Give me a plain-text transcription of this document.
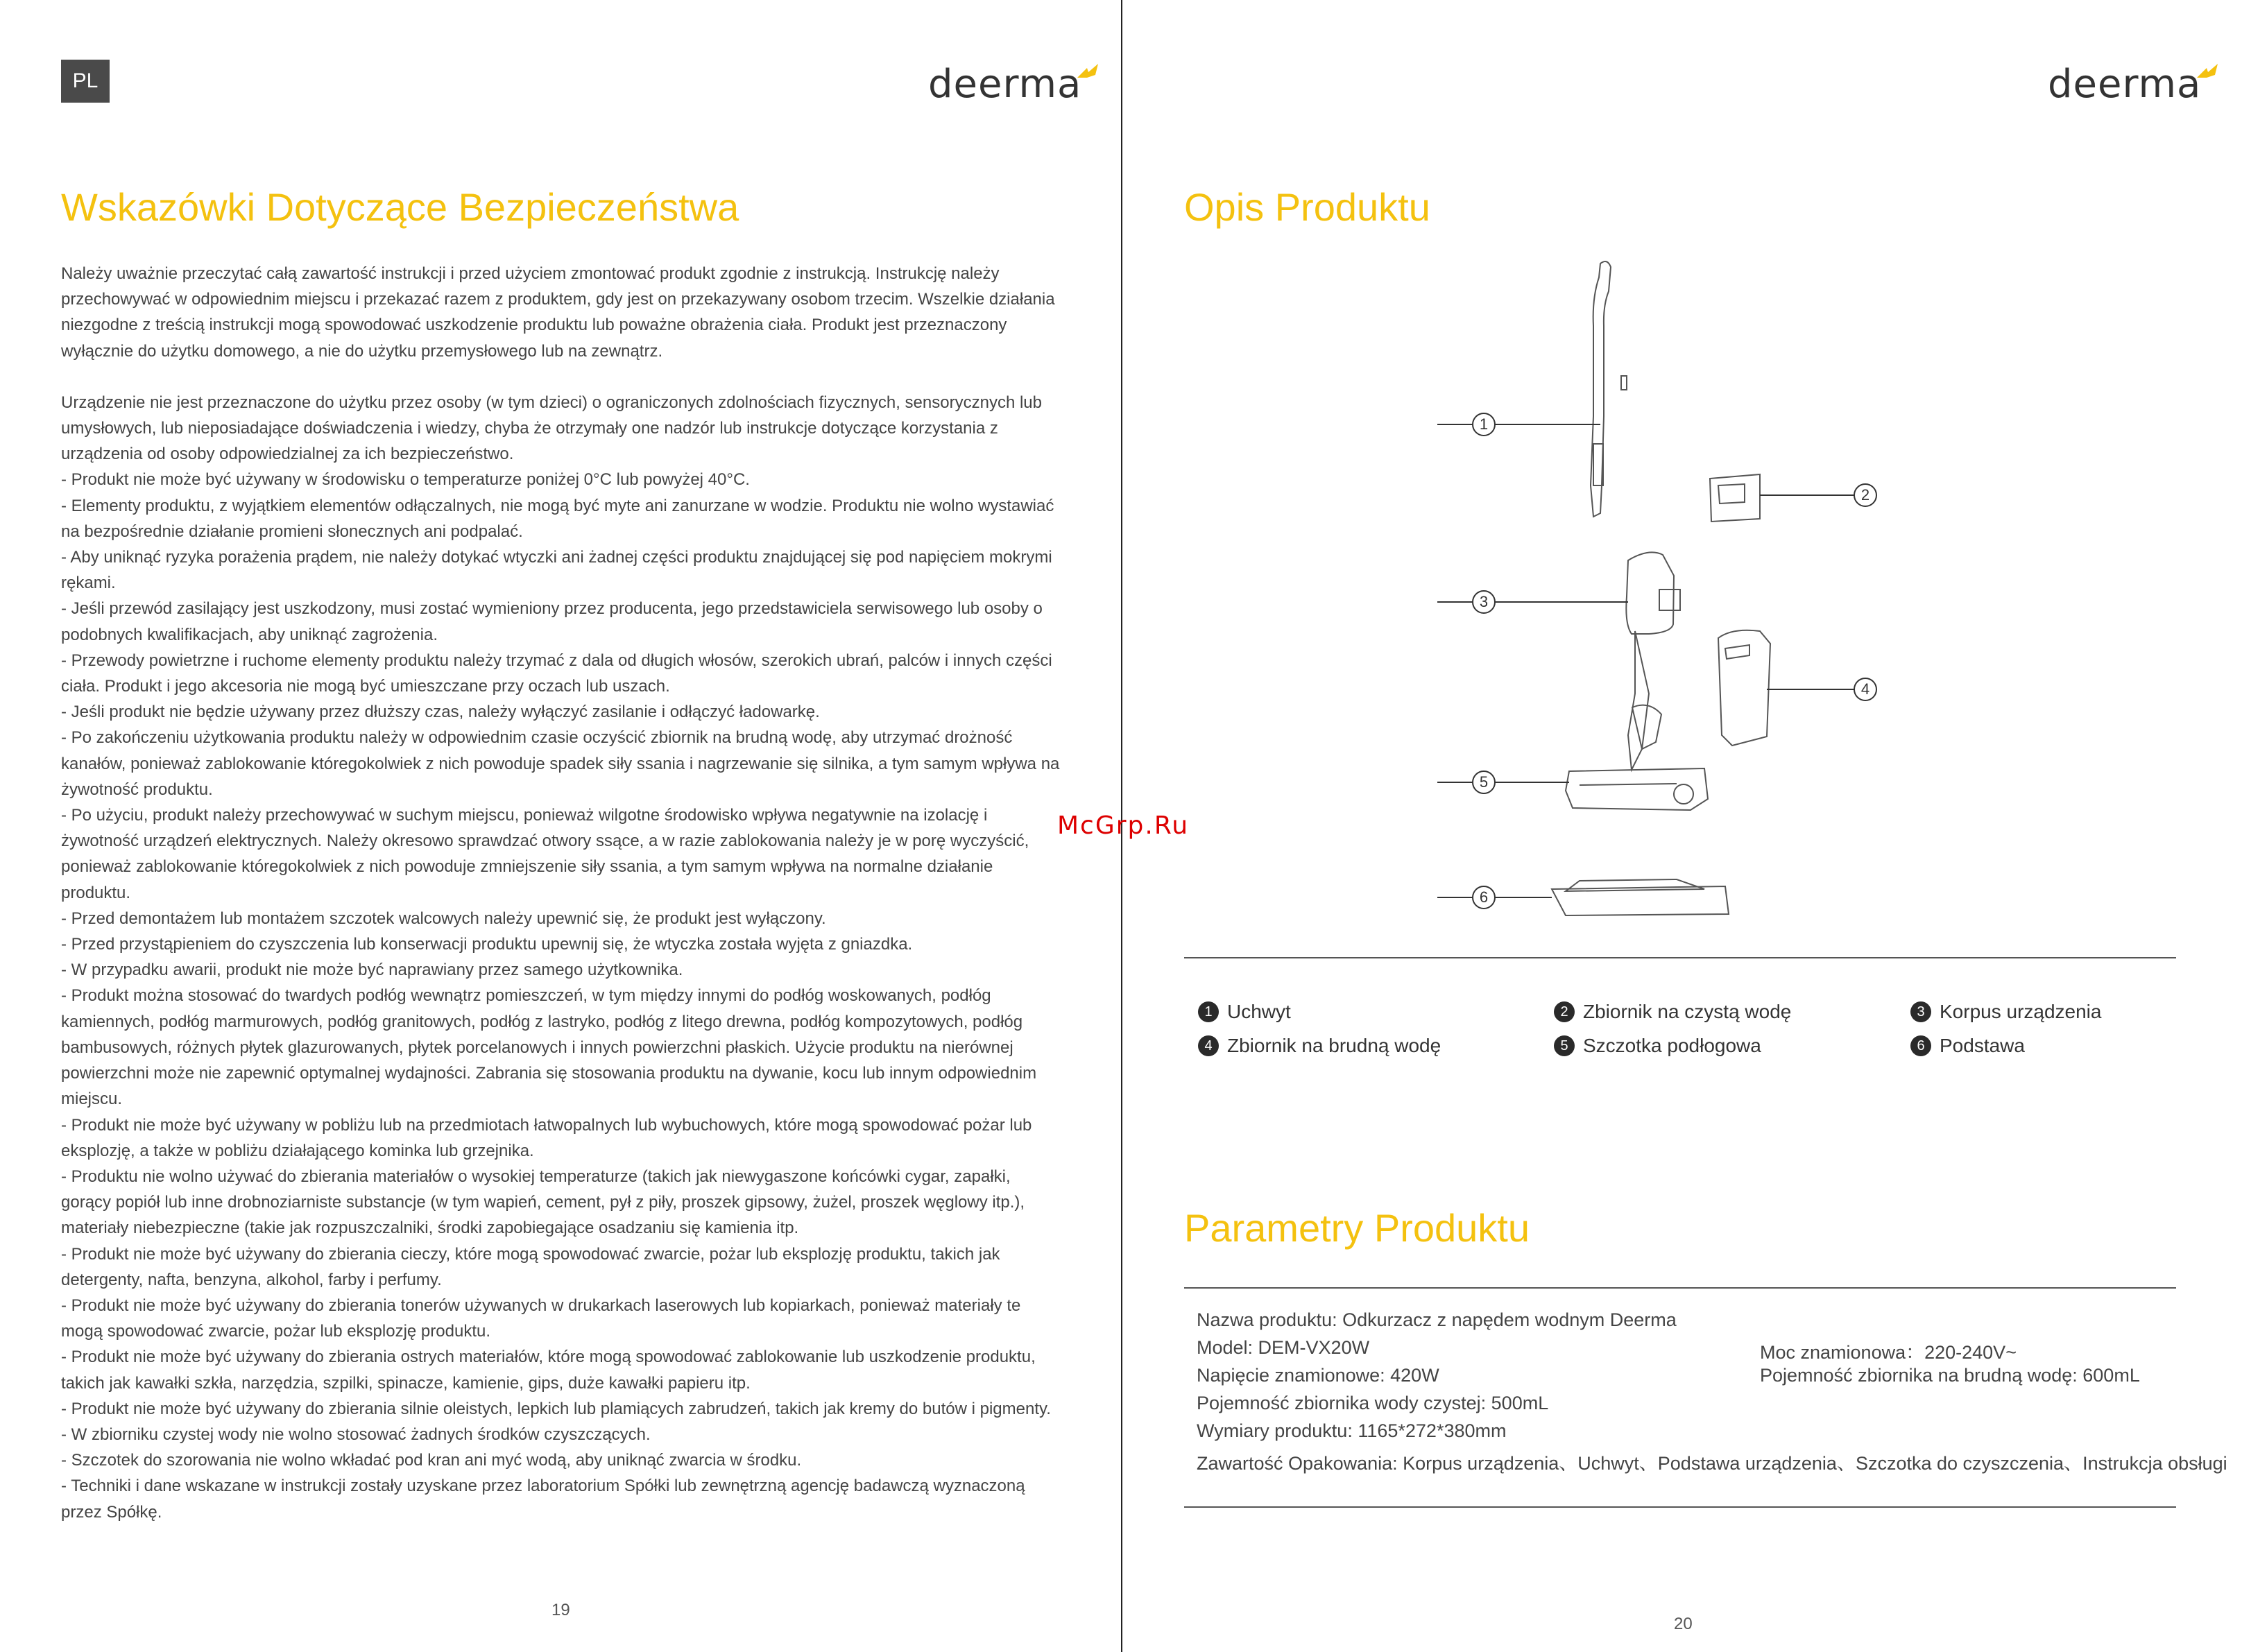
PL	deerma
Wskazówki Dotyczące Bezpieczeństwa

Należy uważnie przeczytać całą zawartość instrukcji i przed użyciem zmontować produkt zgodnie z instrukcją. Instrukcję należy przechowywać w odpowiednim miejscu i przekazać razem z produktem, gdy jest on przekazywany osobom trzecim. Wszelkie działania niezgodne z treścią instrukcji mogą spowodować uszkodzenie produktu lub poważne obrażenia ciała. Produkt jest przeznaczony wyłącznie do użytku domowego, a nie do użytku przemysłowego lub na zewnątrz.

Urządzenie nie jest przeznaczone do użytku przez osoby (w tym dzieci) o ograniczonych zdolnościach fizycznych, sensorycznych lub umysłowych, lub nieposiadające doświadczenia i wiedzy, chyba że otrzymały one nadzór lub instrukcje dotyczące korzystania z urządzenia od osoby odpowiedzialnej za ich bezpieczeństwo.

- Produkt nie może być używany w środowisku o temperaturze poniżej 0°C lub powyżej 40°C.

- Elementy produktu, z wyjątkiem elementów odłączalnych, nie mogą być myte ani zanurzane w wodzie. Produktu nie wolno wystawiać na bezpośrednie działanie promieni słonecznych ani podpalać.

- Aby uniknąć ryzyka porażenia prądem, nie należy dotykać wtyczki ani żadnej części produktu znajdującej się pod napięciem mokrymi rękami.

- Jeśli przewód zasilający jest uszkodzony, musi zostać wymieniony przez producenta, jego przedstawiciela serwisowego lub osoby o podobnych kwalifikacjach, aby uniknąć zagrożenia.

- Przewody powietrzne i ruchome elementy produktu należy trzymać z dala od długich włosów, szerokich ubrań, palców i innych części ciała. Produkt i jego akcesoria nie mogą być umieszczane przy oczach lub uszach.

- Jeśli produkt nie będzie używany przez dłuższy czas, należy wyłączyć zasilanie i odłączyć ładowarkę.

- Po zakończeniu użytkowania produktu należy w odpowiednim czasie oczyścić zbiornik na brudną wodę, aby utrzymać drożność kanałów, ponieważ zablokowanie któregokolwiek z nich powoduje spadek siły ssania i nagrzewanie się silnika, a tym samym wpływa na żywotność produktu.

- Po użyciu, produkt należy przechowywać w suchym miejscu, ponieważ wilgotne środowisko wpływa negatywnie na izolację i żywotność urządzeń elektrycznych. Należy okresowo sprawdzać otwory ssące, a w razie zablokowania należy je w porę wyczyścić, ponieważ zablokowanie któregokolwiek z nich powoduje zmniejszenie siły ssania, a tym samym wpływa na normalne działanie produktu.

- Przed demontażem lub montażem szczotek walcowych należy upewnić się, że produkt jest wyłączony.

- Przed przystąpieniem do czyszczenia lub konserwacji produktu upewnij się, że wtyczka została wyjęta z gniazdka.

- W przypadku awarii, produkt nie może być naprawiany przez samego użytkownika.

- Produkt można stosować do twardych podłóg wewnątrz pomieszczeń, w tym między innymi do podłóg woskowanych, podłóg kamiennych, podłóg marmurowych, podłóg granitowych, podłóg z lastryko, podłóg z litego drewna, podłóg kompozytowych, podłóg bambusowych, różnych płytek glazurowanych, płytek porcelanowych i innych powierzchni płaskich. Użycie produktu na nierównej powierzchni może nie zapewnić optymalnej wydajności. Zabrania się stosowania produktu na dywanie, kocu lub innym odpowiednim miejscu.

- Produkt nie może być używany w pobliżu lub na przedmiotach łatwopalnych lub wybuchowych, które mogą spowodować pożar lub eksplozję, a także w pobliżu działającego kominka lub grzejnika.

- Produktu nie wolno używać do zbierania materiałów o wysokiej temperaturze (takich jak niewygaszone końcówki cygar, zapałki, gorący popiół lub inne drobnoziarniste substancje (w tym wapień, cement, pył z piły, proszek gipsowy, żużel, proszek węglowy itp.), materiały niebezpieczne (takie jak rozpuszczalniki, środki zapobiegające osadzaniu się kamienia itp.

- Produkt nie może być używany do zbierania cieczy, które mogą spowodować zwarcie, pożar lub eksplozję produktu, takich jak detergenty, nafta, benzyna, alkohol, farby i perfumy.

- Produkt nie może być używany do zbierania tonerów używanych w drukarkach laserowych lub kopiarkach, ponieważ materiały te mogą spowodować zwarcie, pożar lub eksplozję produktu.

- Produkt nie może być używany do zbierania ostrych materiałów, które mogą spowodować zablokowanie lub uszkodzenie produktu, takich jak kawałki szkła, narzędzia, szpilki, spinacze, kamienie, gips, duże kawałki papieru itp.

- Produkt nie może być używany do zbierania silnie oleistych, lepkich lub plamiących zabrudzeń, takich jak kremy do butów i pigmenty.

- W zbiorniku czystej wody nie wolno stosować żadnych środków czyszczących.

- Szczotek do szorowania nie wolno wkładać pod kran ani myć wodą, aby uniknąć zwarcia w środku.

- Techniki i dane wskazane w instrukcji zostały uzyskane przez laboratorium Spółki lub zewnętrzną agencję badawczą wyznaczoną przez Spółkę.

19
McGrp.Ru
deerma
Opis Produktu
1
2
3
4
5
6
1 Uchwyt	2 Zbiornik na czystą wodę	3 Korpus urządzenia
4 Zbiornik na brudną wodę	5 Szczotka podłogowa	6 Podstawa
Parametry Produktu
Nazwa produktu: Odkurzacz z napędem wodnym Deerma
Model: DEM-VX20W	Moc znamionowa：220-240V~
Napięcie znamionowe: 420W	Pojemność zbiornika na brudną wodę: 600mL
Pojemność zbiornika wody czystej: 500mL
Wymiary produktu: 1165*272*380mm
Zawartość Opakowania: Korpus urządzenia、Uchwyt、Podstawa urządzenia、Szczotka do czyszczenia、Instrukcja obsługi
20
